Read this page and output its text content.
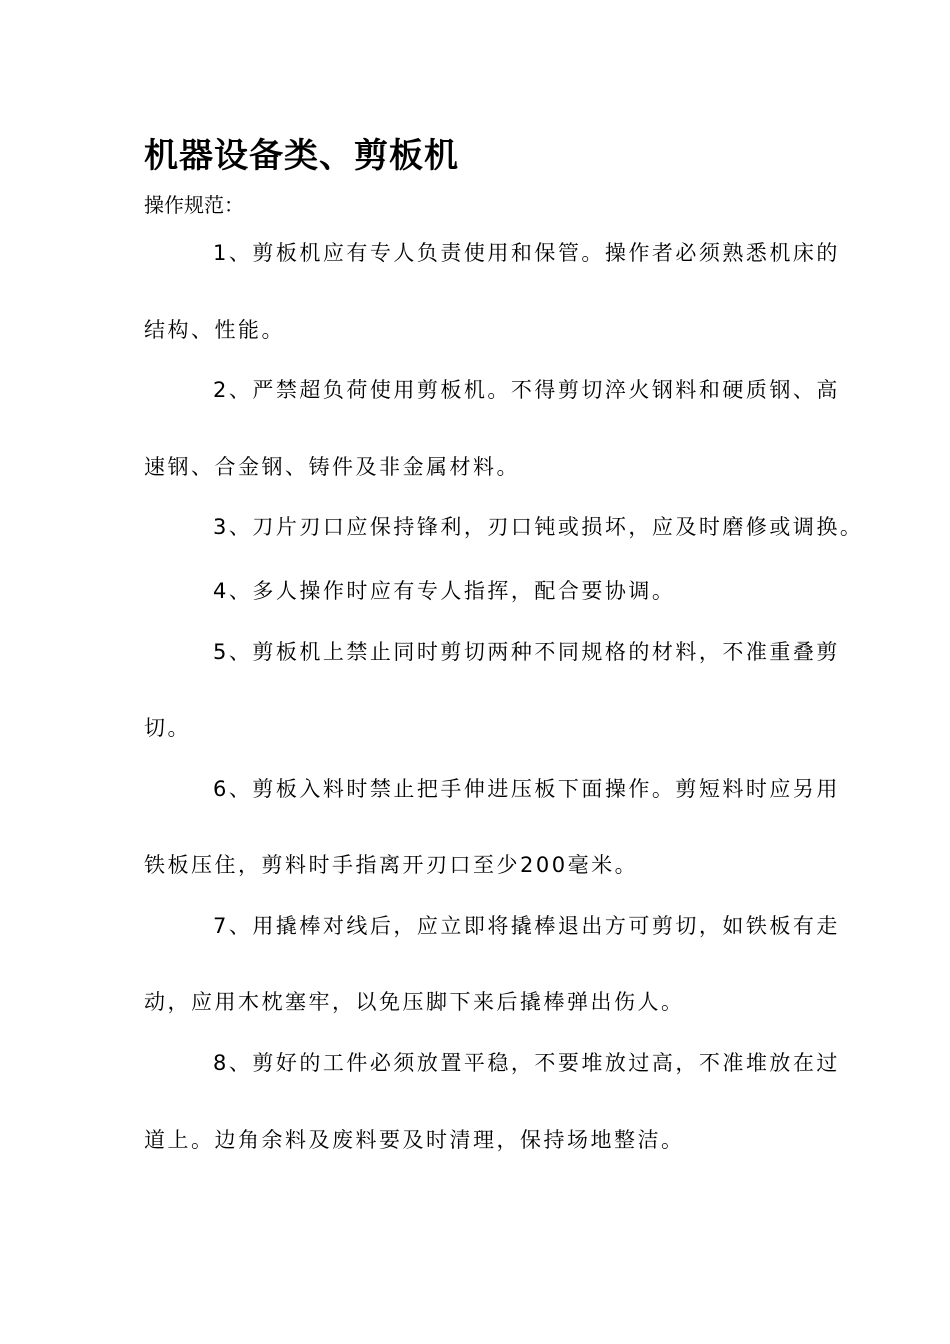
机器设备类、剪板机
操作规范：
1、剪板机应有专人负责使用和保管。操作者必须熟悉机床的
结构、性能。
2、严禁超负荷使用剪板机。不得剪切淬火钢料和硬质钢、高
速钢、合金钢、铸件及非金属材料。
3、刀片刃口应保持锋利，刃口钝或损坏，应及时磨修或调换。
4、多人操作时应有专人指挥，配合要协调。
5、剪板机上禁止同时剪切两种不同规格的材料，不准重叠剪
切。
6、剪板入料时禁止把手伸进压板下面操作。剪短料时应另用
铁板压住，剪料时手指离开刃口至少200毫米。
7、用撬棒对线后，应立即将撬棒退出方可剪切，如铁板有走
动，应用木枕塞牢，以免压脚下来后撬棒弹出伤人。
8、剪好的工件必须放置平稳，不要堆放过高，不准堆放在过
道上。边角余料及废料要及时清理，保持场地整洁。
